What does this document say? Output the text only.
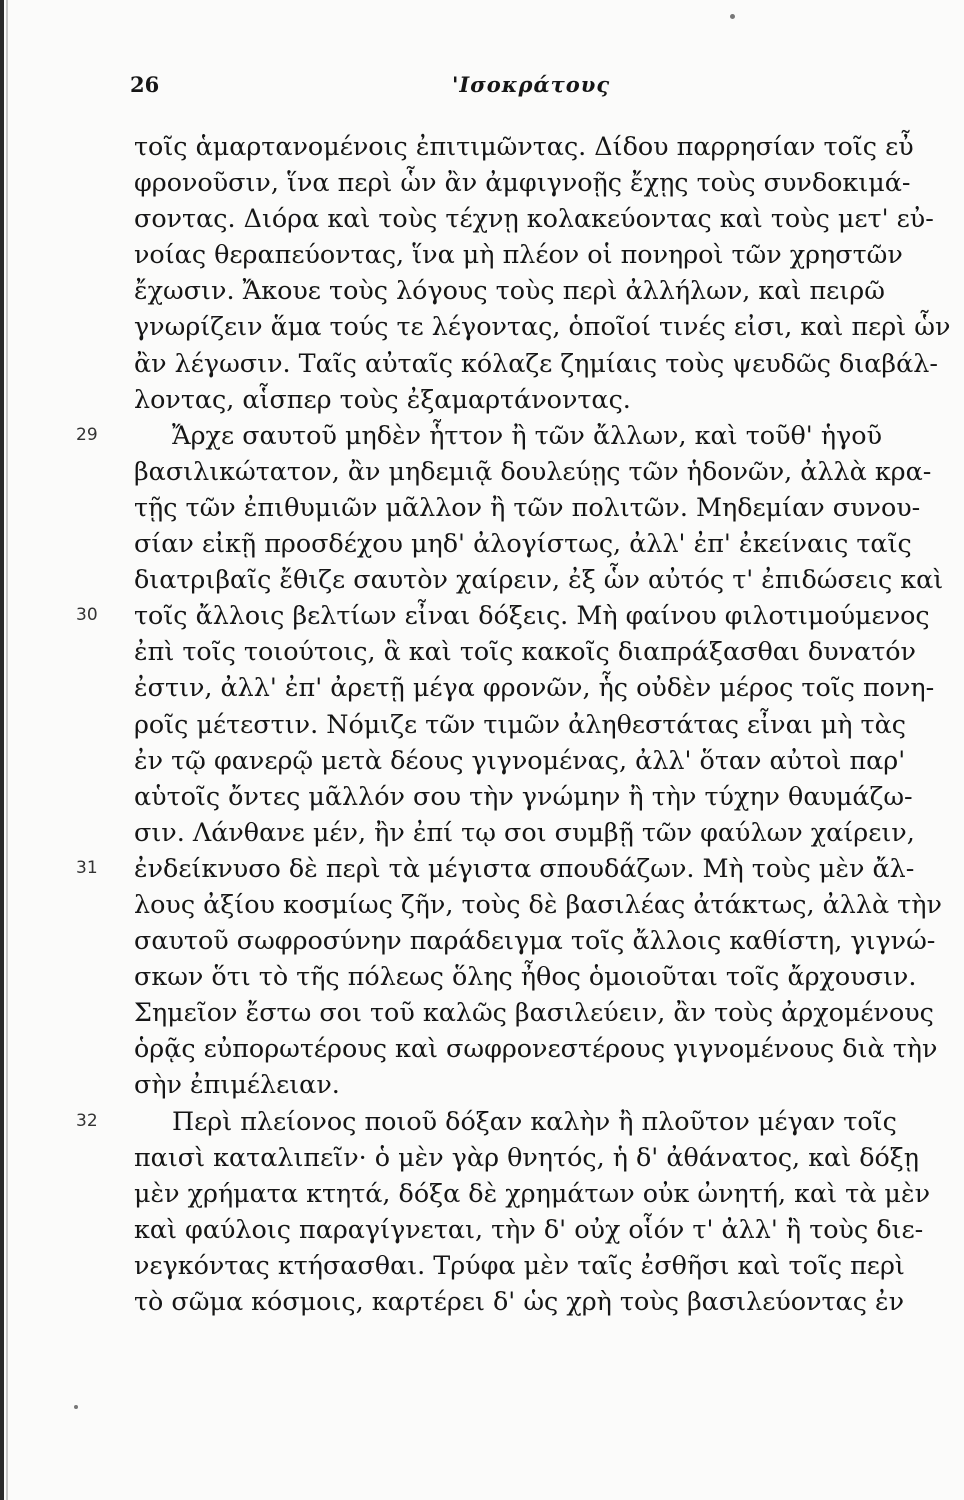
26	'Ισοκράτους
τοῖς ἁμαρτανομένοις ἐπιτιμῶντας. Δίδου παρρησίαν τοῖς εὖ
φρονοῦσιν, ἵνα περὶ ὧν ἂν ἀμφιγνοῇς ἔχῃς τοὺς συνδοκιμά-
σοντας. Διόρα καὶ τοὺς τέχνῃ κολακεύοντας καὶ τοὺς μετ' εὐ-
νοίας θεραπεύοντας, ἵνα μὴ πλέον οἱ πονηροὶ τῶν χρηστῶν
ἔχωσιν. Ἄκουε τοὺς λόγους τοὺς περὶ ἀλλήλων, καὶ πειρῶ
γνωρίζειν ἅμα τούς τε λέγοντας, ὁποῖοί τινές εἰσι, καὶ περὶ ὧν
ἂν λέγωσιν. Ταῖς αὐταῖς κόλαζε ζημίαις τοὺς ψευδῶς διαβάλ-
λοντας, αἷσπερ τοὺς ἐξαμαρτάνοντας.
29	Ἄρχε σαυτοῦ μηδὲν ἧττον ἢ τῶν ἄλλων, καὶ τοῦθ' ἡγοῦ
βασιλικώτατον, ἂν μηδεμιᾷ δουλεύῃς τῶν ἡδονῶν, ἀλλὰ κρα-
τῇς τῶν ἐπιθυμιῶν μᾶλλον ἢ τῶν πολιτῶν. Μηδεμίαν συνου-
σίαν εἰκῇ προσδέχου μηδ' ἀλογίστως, ἀλλ' ἐπ' ἐκείναις ταῖς
διατριβαῖς ἔθιζε σαυτὸν χαίρειν, ἐξ ὧν αὐτός τ' ἐπιδώσεις καὶ
30 τοῖς ἄλλοις βελτίων εἶναι δόξεις. Μὴ φαίνου φιλοτιμούμενος
ἐπὶ τοῖς τοιούτοις, ἃ καὶ τοῖς κακοῖς διαπράξασθαι δυνατόν
ἐστιν, ἀλλ' ἐπ' ἀρετῇ μέγα φρονῶν, ἧς οὐδὲν μέρος τοῖς πονη-
ροῖς μέτεστιν. Νόμιζε τῶν τιμῶν ἀληθεστάτας εἶναι μὴ τὰς
ἐν τῷ φανερῷ μετὰ δέους γιγνομένας, ἀλλ' ὅταν αὐτοὶ παρ'
αὑτοῖς ὄντες μᾶλλόν σου τὴν γνώμην ἢ τὴν τύχην θαυμάζω-
σιν. Λάνθανε μέν, ἢν ἐπί τῳ σοι συμβῇ τῶν φαύλων χαίρειν,
31 ἐνδείκνυσο δὲ περὶ τὰ μέγιστα σπουδάζων. Μὴ τοὺς μὲν ἄλ-
λους ἀξίου κοσμίως ζῆν, τοὺς δὲ βασιλέας ἀτάκτως, ἀλλὰ τὴν
σαυτοῦ σωφροσύνην παράδειγμα τοῖς ἄλλοις καθίστη, γιγνώ-
σκων ὅτι τὸ τῆς πόλεως ὅλης ἦθος ὁμοιοῦται τοῖς ἄρχουσιν.
Σημεῖον ἔστω σοι τοῦ καλῶς βασιλεύειν, ἂν τοὺς ἀρχομένους
ὁρᾷς εὐπορωτέρους καὶ σωφρονεστέρους γιγνομένους διὰ τὴν
σὴν ἐπιμέλειαν.
32	Περὶ πλείονος ποιοῦ δόξαν καλὴν ἢ πλοῦτον μέγαν τοῖς
παισὶ καταλιπεῖν· ὁ μὲν γὰρ θνητός, ἡ δ' ἀθάνατος, καὶ δόξῃ
μὲν χρήματα κτητά, δόξα δὲ χρημάτων οὐκ ὠνητή, καὶ τὰ μὲν
καὶ φαύλοις παραγίγνεται, τὴν δ' οὐχ οἷόν τ' ἀλλ' ἢ τοὺς διε-
νεγκόντας κτήσασθαι. Τρύφα μὲν ταῖς ἐσθῆσι καὶ τοῖς περὶ
τὸ σῶμα κόσμοις, καρτέρει δ' ὡς χρὴ τοὺς βασιλεύοντας ἐν
